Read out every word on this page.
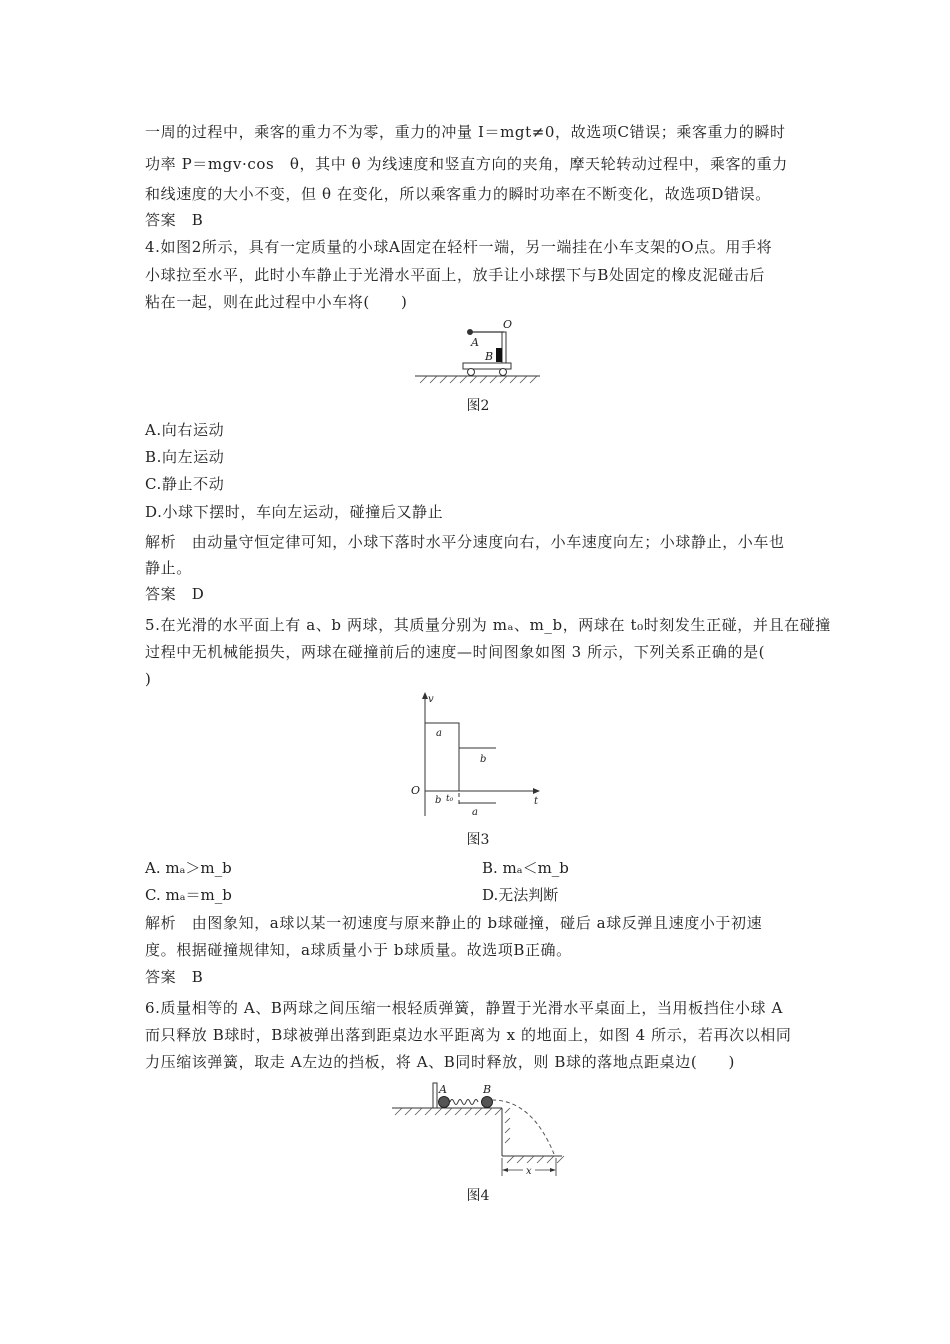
一周的过程中，乘客的重力不为零，重力的冲量 I＝mgt≠0，故选项C错误；乘客重力的瞬时
功率 P＝mgv·cos　θ，其中 θ 为线速度和竖直方向的夹角，摩天轮转动过程中，乘客的重力
和线速度的大小不变，但 θ 在变化，所以乘客重力的瞬时功率在不断变化，故选项D错误。
答案　B
4.如图2所示，具有一定质量的小球A固定在轻杆一端，另一端挂在小车支架的O点。用手将
小球拉至水平，此时小车静止于光滑水平面上，放手让小球摆下与B处固定的橡皮泥碰击后
粘在一起，则在此过程中小车将(　　)
O
A
B
图2
A.向右运动
B.向左运动
C.静止不动
D.小球下摆时，车向左运动，碰撞后又静止
解析　由动量守恒定律可知，小球下落时水平分速度向右，小车速度向左；小球静止，小车也
静止。
答案　D
5.在光滑的水平面上有 a、b 两球，其质量分别为 mₐ、m_b，两球在 t₀时刻发生正碰，并且在碰撞
过程中无机械能损失，两球在碰撞前后的速度—时间图象如图 3 所示，下列关系正确的是(
)
v
O
t
t₀
a
b
b
a
图3
A. mₐ＞m_b	B. mₐ＜m_b
C. mₐ＝m_b	D.无法判断
解析　由图象知，a球以某一初速度与原来静止的 b球碰撞，碰后 a球反弹且速度小于初速
度。根据碰撞规律知，a球质量小于 b球质量。故选项B正确。
答案　B
6.质量相等的 A、B两球之间压缩一根轻质弹簧，静置于光滑水平桌面上，当用板挡住小球 A
而只释放 B球时，B球被弹出落到距桌边水平距离为 x 的地面上，如图 4 所示，若再次以相同
力压缩该弹簧，取走 A左边的挡板，将 A、B同时释放，则 B球的落地点距桌边(　　)
A	B
x
图4
